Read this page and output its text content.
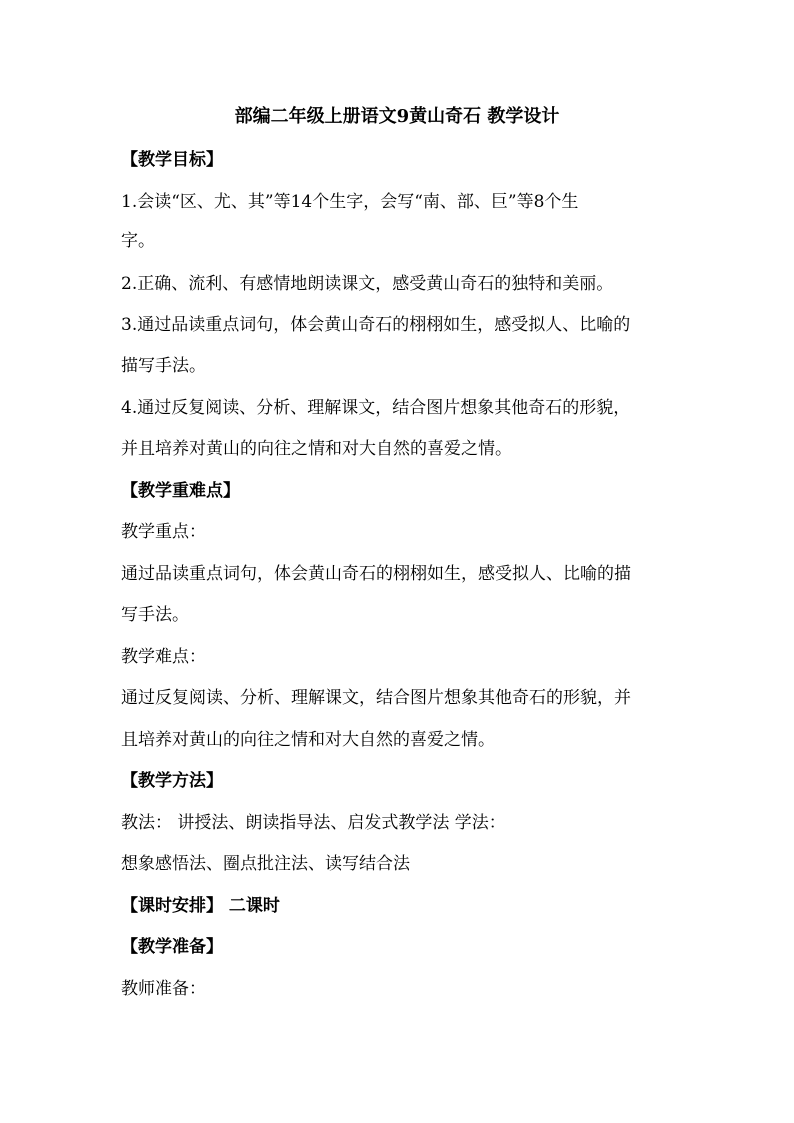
部编二年级上册语文9黄山奇石 教学设计
【教学目标】
1.会读“区、尤、其”等14个生字，会写“南、部、巨”等8个生
字。
2.正确、流利、有感情地朗读课文，感受黄山奇石的独特和美丽。
3.通过品读重点词句，体会黄山奇石的栩栩如生，感受拟人、比喻的
描写手法。
4.通过反复阅读、分析、理解课文，结合图片想象其他奇石的形貌，
并且培养对黄山的向往之情和对大自然的喜爱之情。
【教学重难点】
教学重点：
通过品读重点词句，体会黄山奇石的栩栩如生，感受拟人、比喻的描
写手法。
教学难点：
通过反复阅读、分析、理解课文，结合图片想象其他奇石的形貌，并
且培养对黄山的向往之情和对大自然的喜爱之情。
【教学方法】
教法： 讲授法、朗读指导法、启发式教学法 学法：
想象感悟法、圈点批注法、读写结合法
【课时安排】 二课时
【教学准备】
教师准备：
